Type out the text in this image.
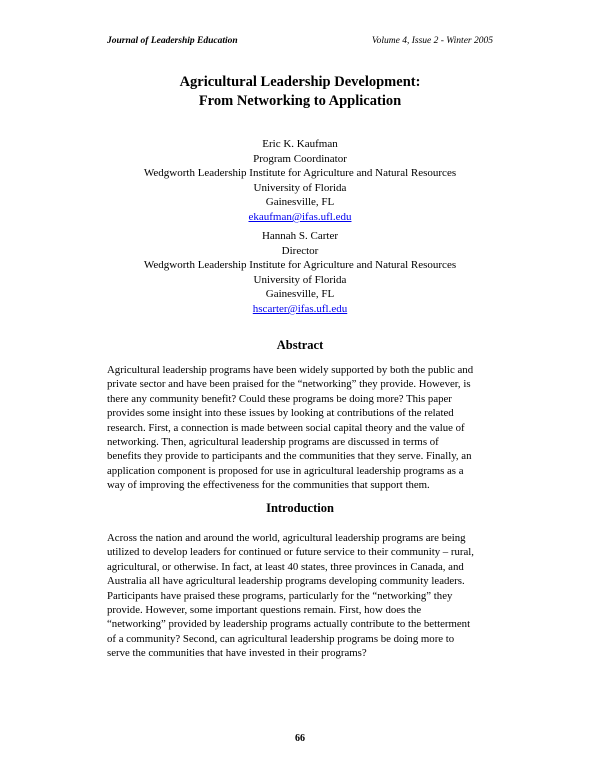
Journal of Leadership Education	Volume 4, Issue 2 - Winter 2005
Agricultural Leadership Development:
From Networking to Application
Eric K. Kaufman
Program Coordinator
Wedgworth Leadership Institute for Agriculture and Natural Resources
University of Florida
Gainesville, FL
ekaufman@ifas.ufl.edu
Hannah S. Carter
Director
Wedgworth Leadership Institute for Agriculture and Natural Resources
University of Florida
Gainesville, FL
hscarter@ifas.ufl.edu
Abstract
Agricultural leadership programs have been widely supported by both the public and
private sector and have been praised for the “networking” they provide. However, is
there any community benefit? Could these programs be doing more? This paper
provides some insight into these issues by looking at contributions of the related
research. First, a connection is made between social capital theory and the value of
networking. Then, agricultural leadership programs are discussed in terms of
benefits they provide to participants and the communities that they serve. Finally, an
application component is proposed for use in agricultural leadership programs as a
way of improving the effectiveness for the communities that support them.
Introduction
Across the nation and around the world, agricultural leadership programs are being
utilized to develop leaders for continued or future service to their community – rural,
agricultural, or otherwise. In fact, at least 40 states, three provinces in Canada, and
Australia all have agricultural leadership programs developing community leaders.
Participants have praised these programs, particularly for the “networking” they
provide. However, some important questions remain. First, how does the
“networking” provided by leadership programs actually contribute to the betterment
of a community? Second, can agricultural leadership programs be doing more to
serve the communities that have invested in their programs?
66
